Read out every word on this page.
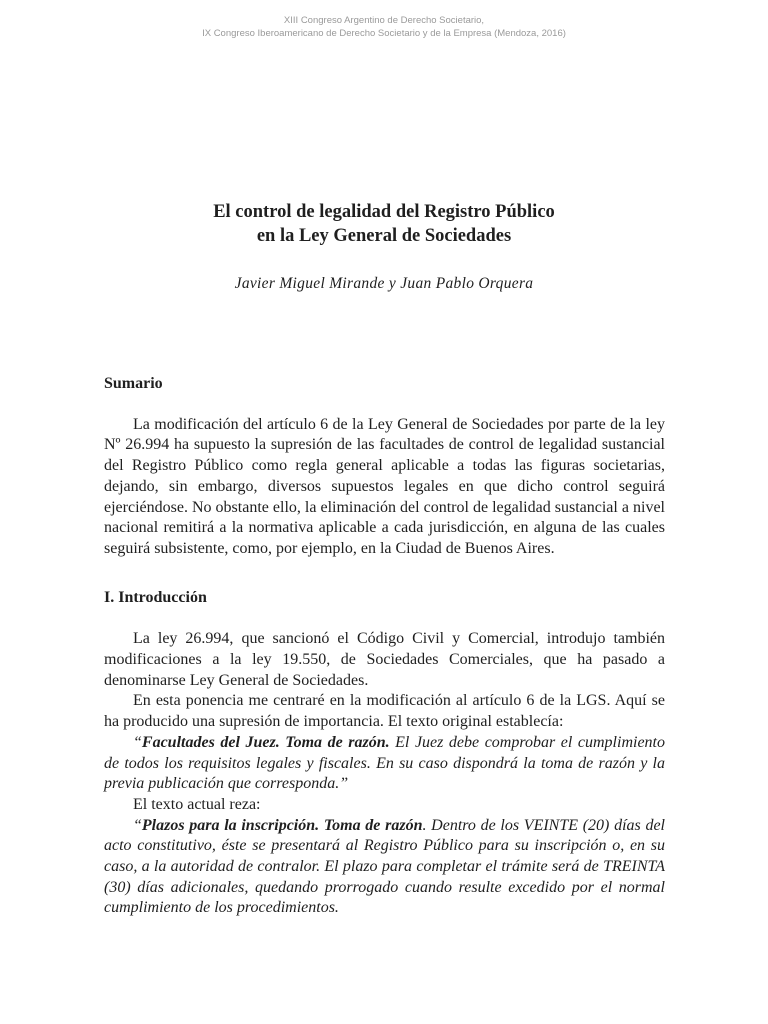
XIII Congreso Argentino de Derecho Societario,
IX Congreso Iberoamericano de Derecho Societario y de la Empresa (Mendoza, 2016)
El control de legalidad del Registro Público
en la Ley General de Sociedades
Javier Miguel Mirande y Juan Pablo Orquera
Sumario

La modificación del artículo 6 de la Ley General de Sociedades por parte de la ley Nº 26.994 ha supuesto la supresión de las facultades de control de legalidad sustancial del Registro Público como regla general aplicable a todas las figuras societarias, dejando, sin embargo, diversos supuestos legales en que dicho control seguirá ejerciéndose. No obstante ello, la eliminación del control de legalidad sustancial a nivel nacional remitirá a la normativa aplicable a cada jurisdicción, en alguna de las cuales seguirá subsistente, como, por ejemplo, en la Ciudad de Buenos Aires.

I. Introducción

La ley 26.994, que sancionó el Código Civil y Comercial, introdujo también modificaciones a la ley 19.550, de Sociedades Comerciales, que ha pasado a denominarse Ley General de Sociedades.

En esta ponencia me centraré en la modificación al artículo 6 de la LGS. Aquí se ha producido una supresión de importancia. El texto original establecía:

“Facultades del Juez. Toma de razón. El Juez debe comprobar el cumplimiento de todos los requisitos legales y fiscales. En su caso dispondrá la toma de razón y la previa publicación que corresponda.”

El texto actual reza:

“Plazos para la inscripción. Toma de razón. Dentro de los VEINTE (20) días del acto constitutivo, éste se presentará al Registro Público para su inscripción o, en su caso, a la autoridad de contralor. El plazo para completar el trámite será de TREINTA (30) días adicionales, quedando prorrogado cuando resulte excedido por el normal cumplimiento de los procedimientos.
